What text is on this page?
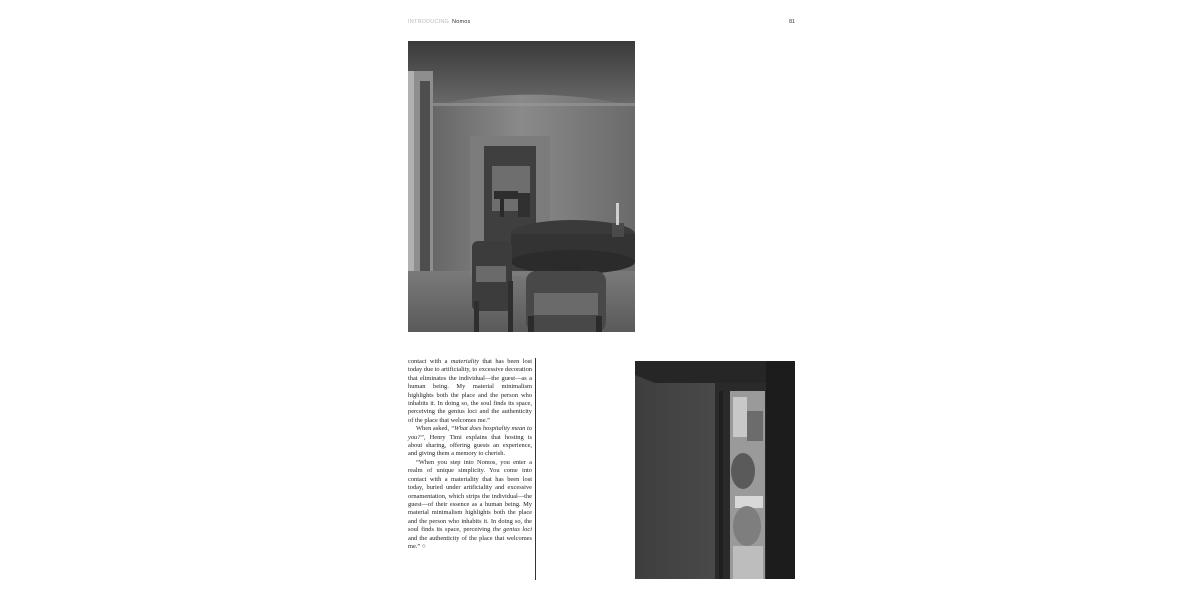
INTRODUCING Nomos	81

contact with a materiality that has been lost today due to artificiality, to excessive decoration that eliminates the individual—the guest—as a human being. My material minimalism highlights both the place and the person who inhabits it. In doing so, the soul finds its space, perceiving the genius loci and the authenticity of the place that welcomes me.”

When asked, “What does hospitality mean to you?”, Henry Timi explains that hosting is about sharing, offering guests an experience, and giving them a memory to cherish.

“When you step into Nomos, you enter a realm of unique simplicity. You come into contact with a materiality that has been lost today, buried under artificiality and excessive ornamentation, which strips the individual—the guest—of their essence as a human being. My material minimalism highlights both the place and the person who inhabits it. In doing so, the soul finds its space, perceiving the genius loci and the authenticity of the place that welcomes me.” ○
